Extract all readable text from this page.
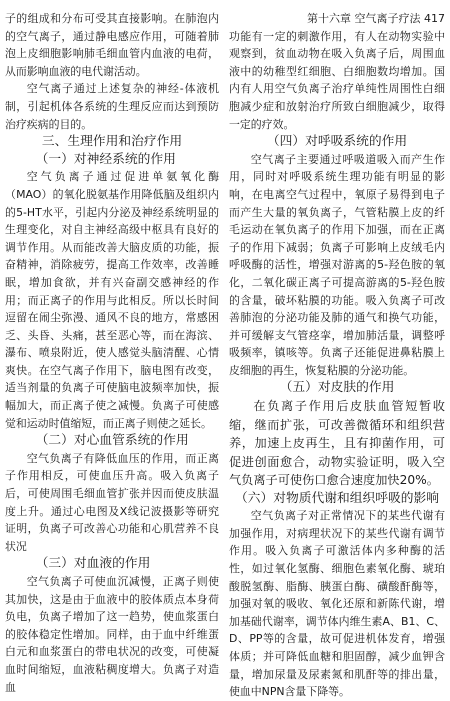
子的组成和分布可受其直接影响。在肺泡内的空气离子，通过静电感应作用，可随着肺泡上皮细胞影响肺毛细血管内血液的电荷，从而影响血液的电代谢活动。

空气离子通过上述复杂的神经-体液机制，引起机体各系统的生理反应而达到预防治疗疾病的目的。

三、生理作用和治疗作用
（一）对神经系统的作用

空气负离子通过促进单氨氧化酶（MAO）的氧化脱氨基作用降低脑及组织内的5-HT水平，引起内分泌及神经系统明显的生理变化，对自主神经高级中枢具有良好的调节作用。从而能改善大脑皮质的功能，振奋精神，消除疲劳，提高工作效率，改善睡眠，增加食欲，并有兴奋副交感神经的作用；而正离子的作用与此相反。所以长时间逗留在闹尘弥漫、通风不良的地方，常感困乏、头昏、头痛，甚至恶心等，而在海滨、瀑布、喷泉附近，使人感觉头脑清醒、心情爽快。在空气离子作用下，脑电图有改变，适当剂量的负离子可使脑电波频率加快，振幅加大，而正离子使之减慢。负离子可使感觉和运动时值缩短，而正离子则使之延长。

（二）对心血管系统的作用

空气负离子有降低血压的作用，而正离子作用相反，可使血压升高。吸入负离子后，可使周围毛细血管扩张并因而使皮肤温度上升。通过心电图及X线记波摄影等研究证明，负离子可改善心功能和心肌营养不良状况

（三）对血液的作用

空气负离子可使血沉减慢，正离子则使其加快，这是由于血液中的胶体质点本身荷负电，负离子增加了这一趋势，使血浆蛋白的胶体稳定性增加。同样，由于血中纤维蛋白元和血浆蛋白的带电状况的改变，可使凝血时间缩短，血液粘稠度增大。负离子对造血

第十六章 空气离子疗法 417

功能有一定的刺激作用，有人在动物实验中观察到，贫血动物在吸入负离子后，周围血液中的幼稚型红细胞、白细胞数均增加。国内有人用空气负离子治疗单纯性周围性白细胞减少症和放射治疗所致白细胞减少，取得一定的疗效。

（四）对呼吸系统的作用

空气离子主要通过呼吸道吸入而产生作用，同时对呼吸系统生理功能有明显的影响，在电离空气过程中，氧原子易得到电子而产生大量的氧负离子，气管粘膜上皮的纤毛运动在氧负离子的作用下加强，而在正离子的作用下减弱；负离子可影响上皮绒毛内呼吸酶的活性，增强对游离的5-羟色胺的氧化，二氧化碳正离子可提高游离的5-羟色胺的含量，破坏粘膜的功能。吸入负离子可改善肺泡的分泌功能及肺的通气和换气功能，并可缓解支气管痉挛，增加肺活量，调整呼吸频率，镇咳等。负离子还能促进鼻粘膜上皮细胞的再生，恢复粘膜的分泌功能。

（五）对皮肤的作用

在负离子作用后皮肤血管短暂收缩，继而扩张，可改善微循环和组织营养，加速上皮再生，且有抑菌作用，可促进创面愈合，动物实验证明，吸入空气负离子可使伤口愈合速度加快20%。

（六）对物质代谢和组织呼吸的影响

空气负离子对正常情况下的某些代谢有加强作用，对病理状况下的某些代谢有调节作用。吸入负离子可激活体内多种酶的活性，如过氧化氢酶、细胞色素氧化酶、琥珀酸脱氢酶、脂酶、胰蛋白酶、磺酸酐酶等，加强对氧的吸收、氧化还原和新陈代谢，增加基础代谢率，调节体内维生素A、B1、C、D、PP等的含量，故可促进机体发育，增强体质；并可降低血糖和胆固醇，减少血钾含量，增加尿量及尿素氮和肌酐等的排出量，使血中NPN含量下降等。
